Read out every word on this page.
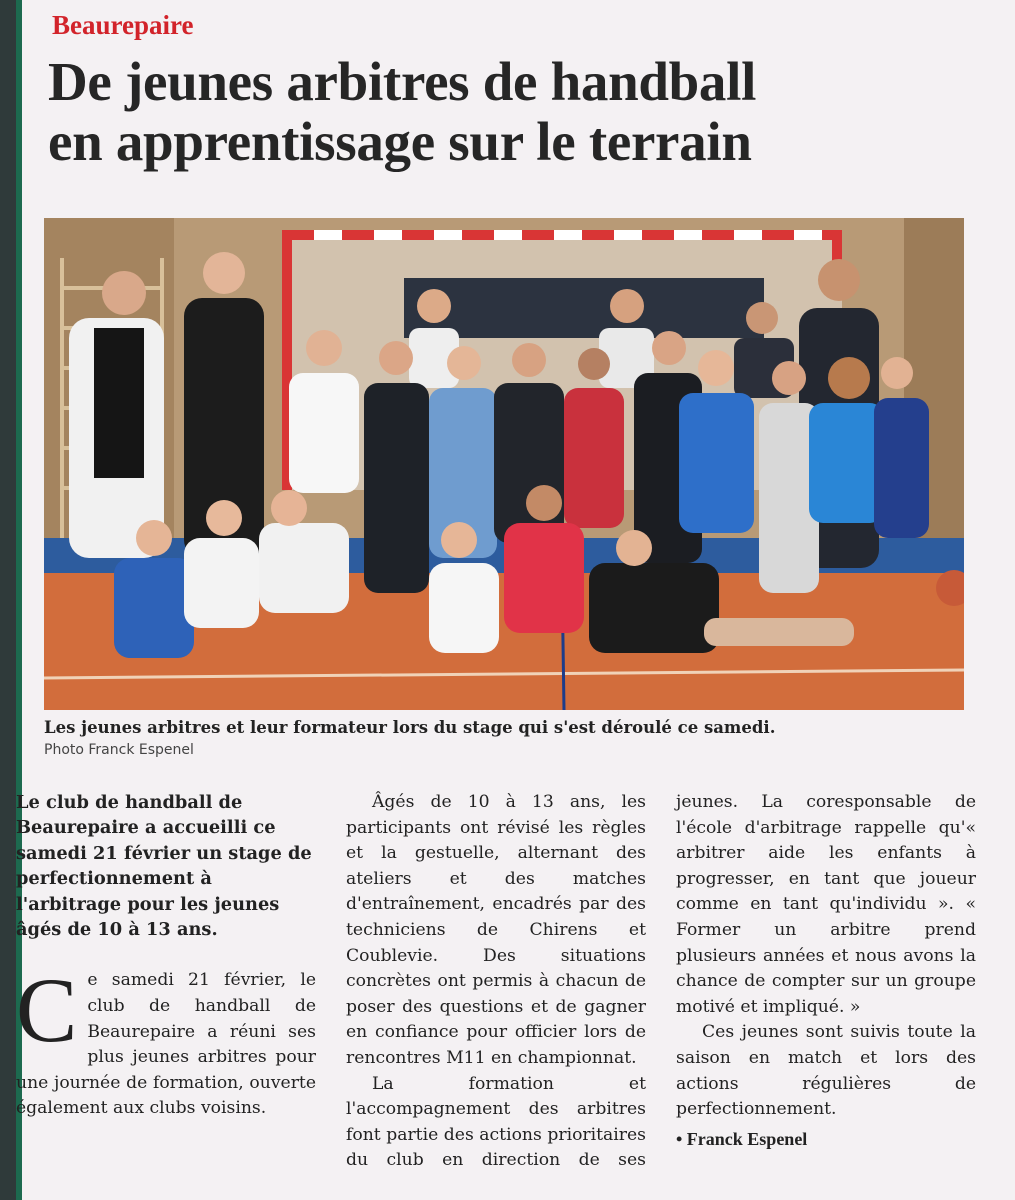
Beaurepaire
De jeunes arbitres de handball
en apprentissage sur le terrain
Les jeunes arbitres et leur formateur lors du stage qui s'est déroulé ce samedi.
Photo Franck Espenel

Le club de handball de Beaurepaire a accueilli ce samedi 21 février un stage de perfectionnement à l'arbitrage pour les jeunes âgés de 10 à 13 ans.

Ce samedi 21 février, le club de handball de Beaurepaire a réuni ses plus jeunes arbitres pour une journée de formation, ouverte également aux clubs voisins.

Âgés de 10 à 13 ans, les participants ont révisé les règles et la gestuelle, alternant des ateliers et des matches d'entraînement, encadrés par des techniciens de Chirens et Coublevie. Des situations concrètes ont permis à chacun de poser des questions et de gagner en confiance pour officier lors de rencontres M11 en championnat.

La formation et l'accompagnement des arbitres font partie des actions prioritaires du club en direction de ses jeunes. La coresponsable de l'école d'arbitrage rappelle qu'« arbitrer aide les enfants à progresser, en tant que joueur comme en tant qu'individu ». « Former un arbitre prend plusieurs années et nous avons la chance de compter sur un groupe motivé et impliqué. »

Ces jeunes sont suivis toute la saison en match et lors des actions régulières de perfectionnement.

• Franck Espenel
